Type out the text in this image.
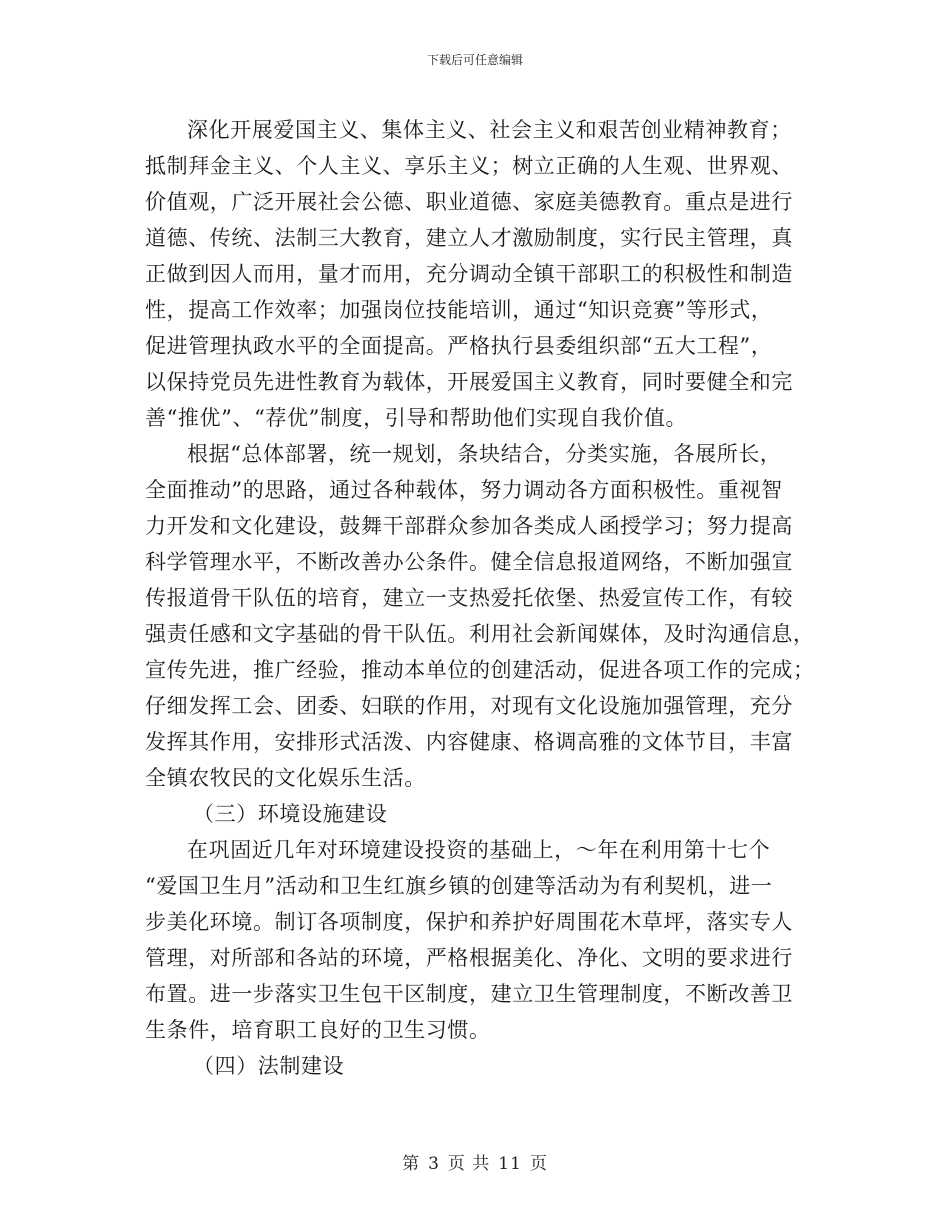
下载后可任意编辑
深化开展爱国主义、集体主义、社会主义和艰苦创业精神教育；
抵制拜金主义、个人主义、享乐主义；树立正确的人生观、世界观、
价值观，广泛开展社会公德、职业道德、家庭美德教育。重点是进行
道德、传统、法制三大教育，建立人才激励制度，实行民主管理，真
正做到因人而用，量才而用，充分调动全镇干部职工的积极性和制造
性，提高工作效率；加强岗位技能培训，通过“知识竞赛”等形式，
促进管理执政水平的全面提高。严格执行县委组织部“五大工程”，
以保持党员先进性教育为载体，开展爱国主义教育，同时要健全和完
善“推优”、“荐优”制度，引导和帮助他们实现自我价值。
根据“总体部署，统一规划，条块结合，分类实施，各展所长，
全面推动”的思路，通过各种载体，努力调动各方面积极性。重视智
力开发和文化建设，鼓舞干部群众参加各类成人函授学习；努力提高
科学管理水平，不断改善办公条件。健全信息报道网络，不断加强宣
传报道骨干队伍的培育，建立一支热爱托依堡、热爱宣传工作，有较
强责任感和文字基础的骨干队伍。利用社会新闻媒体，及时沟通信息，
宣传先进，推广经验，推动本单位的创建活动，促进各项工作的完成；
仔细发挥工会、团委、妇联的作用，对现有文化设施加强管理，充分
发挥其作用，安排形式活泼、内容健康、格调高雅的文体节目，丰富
全镇农牧民的文化娱乐生活。
（三）环境设施建设
在巩固近几年对环境建设投资的基础上，～年在利用第十七个
“爱国卫生月”活动和卫生红旗乡镇的创建等活动为有利契机，进一
步美化环境。制订各项制度，保护和养护好周围花木草坪，落实专人
管理，对所部和各站的环境，严格根据美化、净化、文明的要求进行
布置。进一步落实卫生包干区制度，建立卫生管理制度，不断改善卫
生条件，培育职工良好的卫生习惯。
（四）法制建设
第 3 页 共 11 页
